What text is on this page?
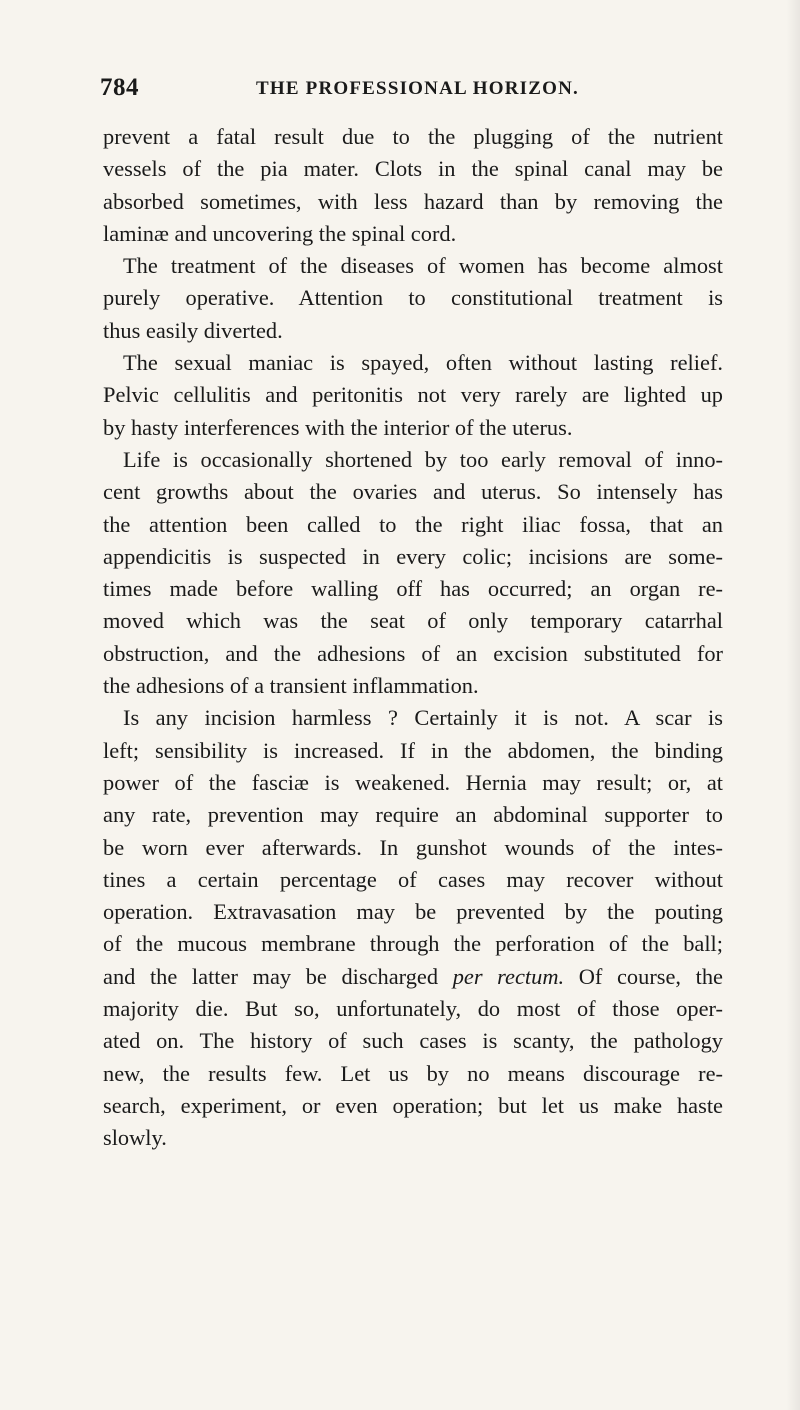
784	THE PROFESSIONAL HORIZON.
prevent a fatal result due to the plugging of the nutrient
vessels of the pia mater. Clots in the spinal canal may be
absorbed sometimes, with less hazard than by removing the
laminæ and uncovering the spinal cord.
The treatment of the diseases of women has become almost
purely operative. Attention to constitutional treatment is
thus easily diverted.
The sexual maniac is spayed, often without lasting relief.
Pelvic cellulitis and peritonitis not very rarely are lighted up
by hasty interferences with the interior of the uterus.
Life is occasionally shortened by too early removal of inno-
cent growths about the ovaries and uterus. So intensely has
the attention been called to the right iliac fossa, that an
appendicitis is suspected in every colic; incisions are some-
times made before walling off has occurred; an organ re-
moved which was the seat of only temporary catarrhal
obstruction, and the adhesions of an excision substituted for
the adhesions of a transient inflammation.
Is any incision harmless ? Certainly it is not. A scar is
left; sensibility is increased. If in the abdomen, the binding
power of the fasciæ is weakened. Hernia may result; or, at
any rate, prevention may require an abdominal supporter to
be worn ever afterwards. In gunshot wounds of the intes-
tines a certain percentage of cases may recover without
operation. Extravasation may be prevented by the pouting
of the mucous membrane through the perforation of the ball;
and the latter may be discharged per rectum. Of course, the
majority die. But so, unfortunately, do most of those oper-
ated on. The history of such cases is scanty, the pathology
new, the results few. Let us by no means discourage re-
search, experiment, or even operation; but let us make haste
slowly.
